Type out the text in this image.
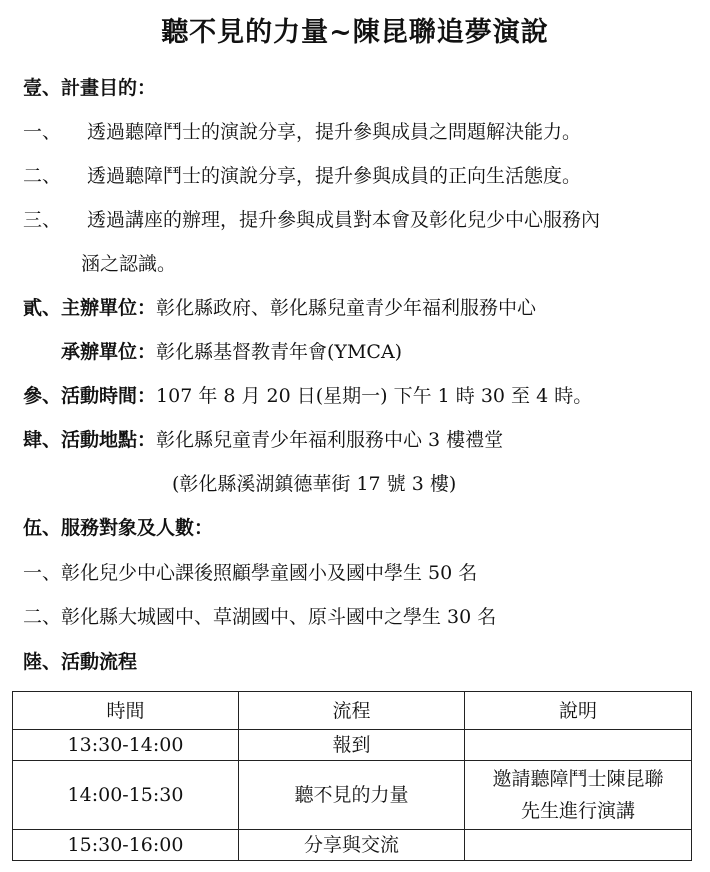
聽不見的力量~陳昆聯追夢演說
壹、計畫目的：
一、 透過聽障鬥士的演說分享，提升參與成員之問題解決能力。
二、 透過聽障鬥士的演說分享，提升參與成員的正向生活態度。
三、 透過講座的辦理，提升參與成員對本會及彰化兒少中心服務內
涵之認識。
貳、主辦單位：彰化縣政府、彰化縣兒童青少年福利服務中心
承辦單位：彰化縣基督教青年會(YMCA)
參、活動時間：107 年 8 月 20 日(星期一) 下午 1 時 30 至 4 時。
肆、活動地點：彰化縣兒童青少年福利服務中心 3 樓禮堂
(彰化縣溪湖鎮德華街 17 號 3 樓)
伍、服務對象及人數：
一、彰化兒少中心課後照顧學童國小及國中學生 50 名
二、彰化縣大城國中、草湖國中、原斗國中之學生 30 名
陸、活動流程
時間	流程	說明
13:30-14:00	報到	
14:00-15:30	聽不見的力量	邀請聽障鬥士陳昆聯
先生進行演講

15:30-16:00	分享與交流	
